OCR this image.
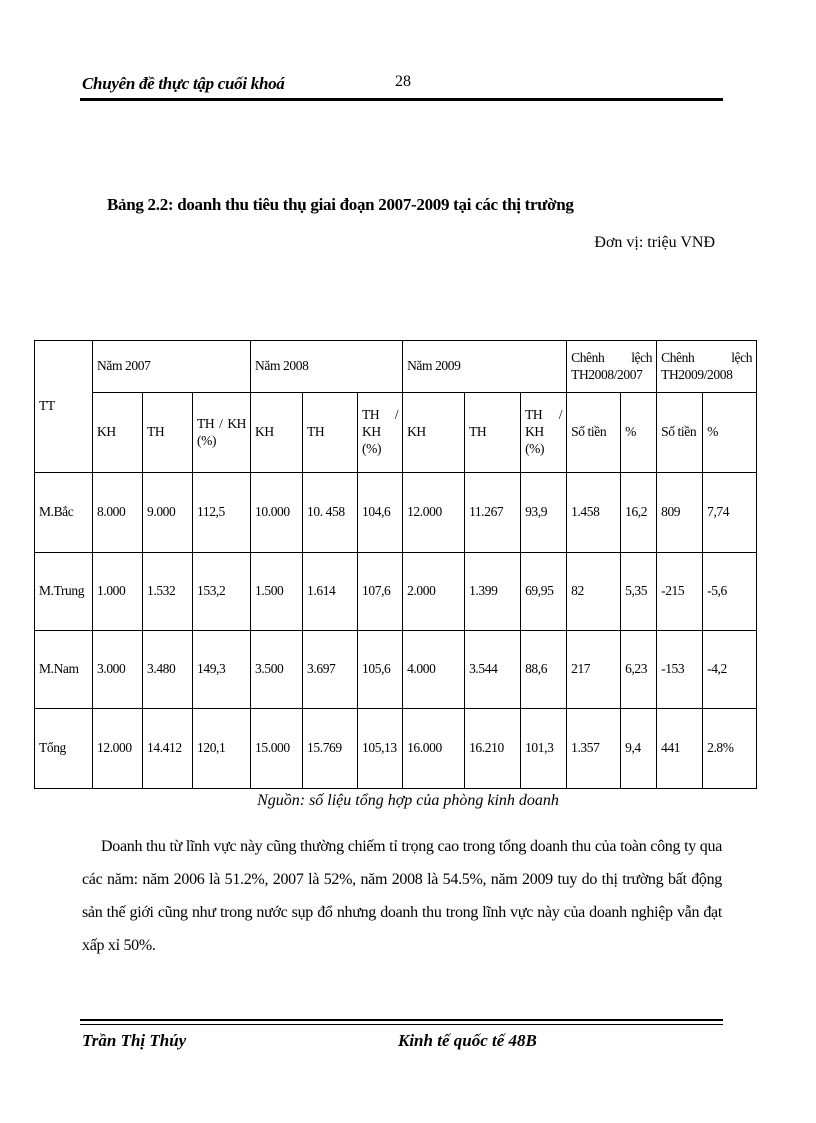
Chuyên đề thực tập cuối khoá	28
Bảng 2.2: doanh thu tiêu thụ giai đoạn 2007-2009 tại các thị trường
Đơn vị: triệu VNĐ
TT	Năm 2007			Năm 2008			Năm 2009			Chênh lệch TH2008/2007		Chênh lệch TH2009/2008	
	KH	TH	TH / KH (%)	KH	TH	TH / KH (%)	KH	TH	TH / KH (%)	Số tiền	%	Số tiền	%
M.Bắc	8.000	9.000	112,5	10.000	10. 458	104,6	12.000	11.267	93,9	1.458	16,2	809	7,74
M.Trung	1.000	1.532	153,2	1.500	1.614	107,6	2.000	1.399	69,95	82	5,35	-215	-5,6
M.Nam	3.000	3.480	149,3	3.500	3.697	105,6	4.000	3.544	88,6	217	6,23	-153	-4,2
Tổng	12.000	14.412	120,1	15.000	15.769	105,13	16.000	16.210	101,3	1.357	9,4	441	2.8%
Nguồn: số liệu tổng hợp của phòng kinh doanh

Doanh thu từ lĩnh vực này cũng thường chiếm tỉ trọng cao trong tổng doanh thu của toàn công ty qua các năm: năm 2006 là 51.2%, 2007 là 52%, năm 2008 là 54.5%, năm 2009 tuy do thị trường bất động sản thế giới cũng như trong nước sụp đổ nhưng doanh thu trong lĩnh vực này của doanh nghiệp vẫn đạt xấp xỉ 50%.

Trần Thị Thúy	Kinh tế quốc tế 48B
